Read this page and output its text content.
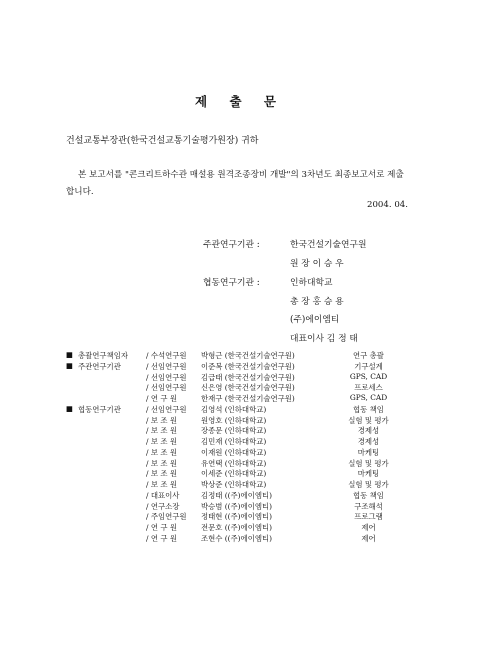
제 출 문
건설교통부장관(한국건설교통기술평가원장) 귀하
본 보고서를 "콘크리트하수관 매설용 원격조종장비 개발"의 3차년도 최종보고서로 제출합니다.
2004. 04.
주관연구기관 :	한국건설기술연구원
원 장 이 승 우
협동연구기관 :	인하대학교
총 장 홍 승 용
(주)에이엠티
대표이사 김 정 태
■ 총괄연구책임자 / 수석연구원 박형근 (한국건설기술연구원)	연구 총괄
■ 주관연구기관	/ 선임연구원 이준복 (한국건설기술연구원)	기구설계
/ 선임연구원 김급태 (한국건설기술연구원)	GPS, CAD
/ 선임연구원 신은영 (한국건설기술연구원)	프로세스
/ 연 구 원	한재구 (한국건설기술연구원)	GPS, CAD
■ 협동연구기관	/ 선임연구원 김영석 (인하대학교)	협동 책임
/ 보 조 원	원영호 (인하대학교)	실험 및 평가
/ 보 조 원	장종문 (인하대학교)	경제성
/ 보 조 원	김민재 (인하대학교)	경제성
/ 보 조 원	이재원 (인하대학교)	마케팅
/ 보 조 원	유연택 (인하대학교)	실험 및 평가
/ 보 조 원	이세준 (인하대학교)	마케팅
/ 보 조 원	박상준 (인하대학교)	실험 및 평가
/ 대표이사	김정태 ((주)에이엠티)	협동 책임
/ 연구소장	박승범 ((주)에이엠티)	구조해석
/ 주임연구원 정태현 ((주)에이엠티)	프로그램
/ 연 구 원	전문호 ((주)에이엠티)	제어
/ 연 구 원	조현수 ((주)에이엠티)	제어
